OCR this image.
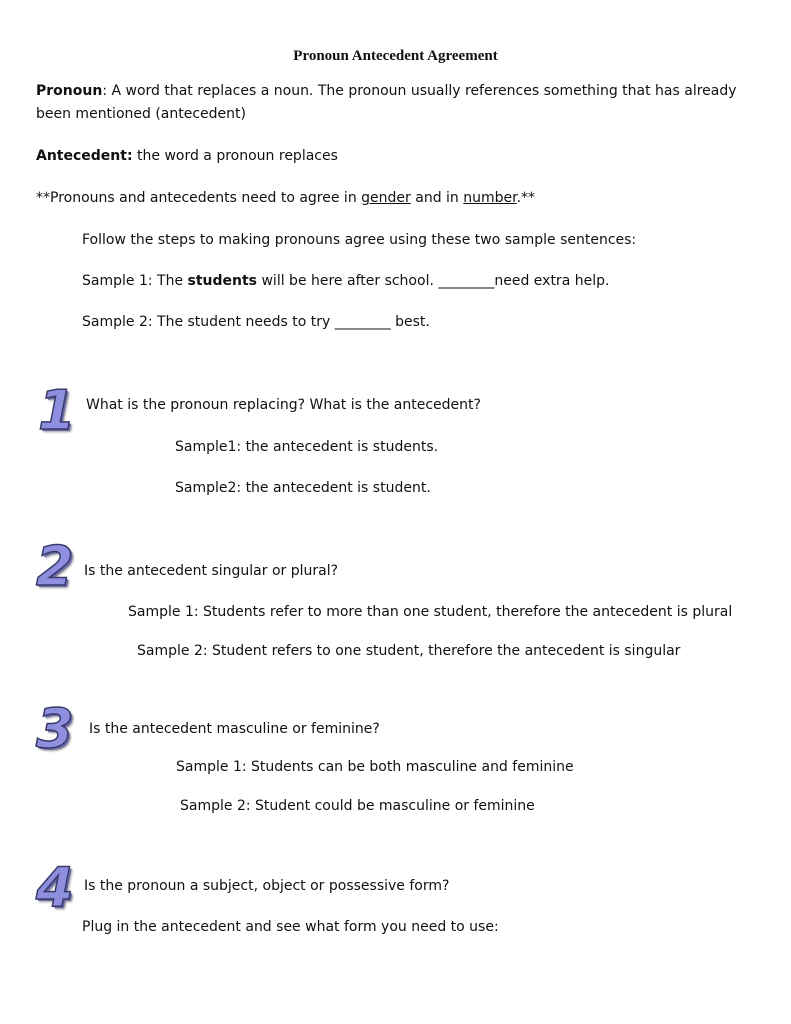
Pronoun Antecedent Agreement
Pronoun: A word that replaces a noun. The pronoun usually references something that has already
been mentioned (antecedent)
Antecedent: the word a pronoun replaces
**Pronouns and antecedents need to agree in gender and in number.**
Follow the steps to making pronouns agree using these two sample sentences:
Sample 1: The students will be here after school. ________need extra help.
Sample 2: The student needs to try ________ best.
1 What is the pronoun replacing? What is the antecedent?
Sample1: the antecedent is students.
Sample2: the antecedent is student.
2 Is the antecedent singular or plural?
Sample 1: Students refer to more than one student, therefore the antecedent is plural
Sample 2: Student refers to one student, therefore the antecedent is singular
3 Is the antecedent masculine or feminine?
Sample 1: Students can be both masculine and feminine
Sample 2: Student could be masculine or feminine
4 Is the pronoun a subject, object or possessive form?
Plug in the antecedent and see what form you need to use:
